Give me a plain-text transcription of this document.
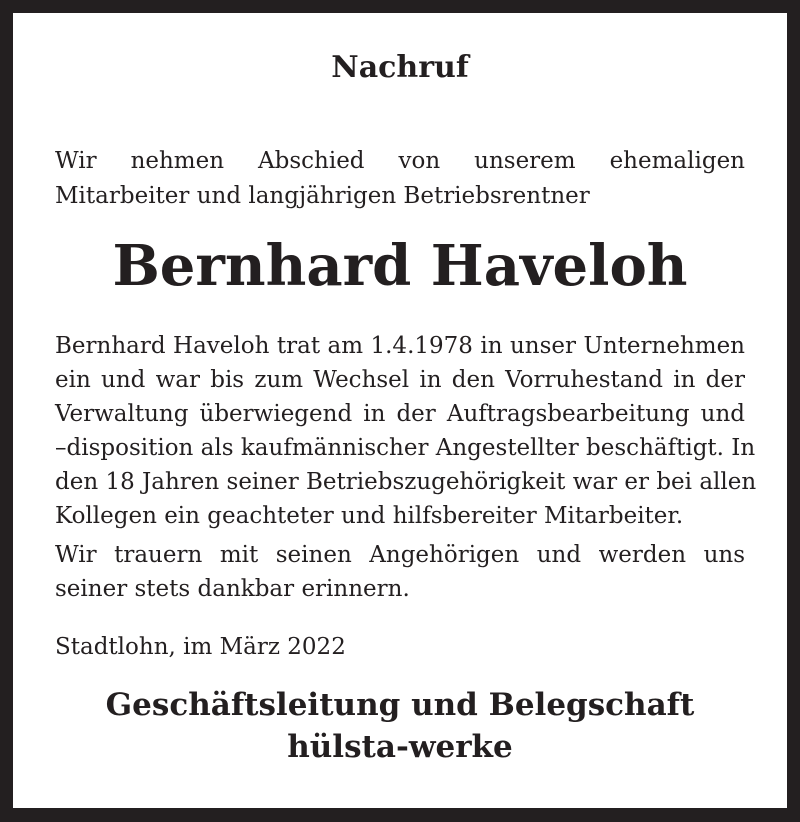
Nachruf
Wir nehmen Abschied von unserem ehemaligen
Mitarbeiter und langjährigen Betriebsrentner
Bernhard Haveloh
Bernhard Haveloh trat am 1.4.1978 in unser Unternehmen
ein und war bis zum Wechsel in den Vorruhestand in der
Verwaltung überwiegend in der Auftragsbearbeitung und
–disposition als kaufmännischer Angestellter beschäftigt. In
den 18 Jahren seiner Betriebszugehörigkeit war er bei allen
Kollegen ein geachteter und hilfsbereiter Mitarbeiter.
Wir trauern mit seinen Angehörigen und werden uns
seiner stets dankbar erinnern.
Stadtlohn, im März 2022
Geschäftsleitung und Belegschaft
hülsta-werke
